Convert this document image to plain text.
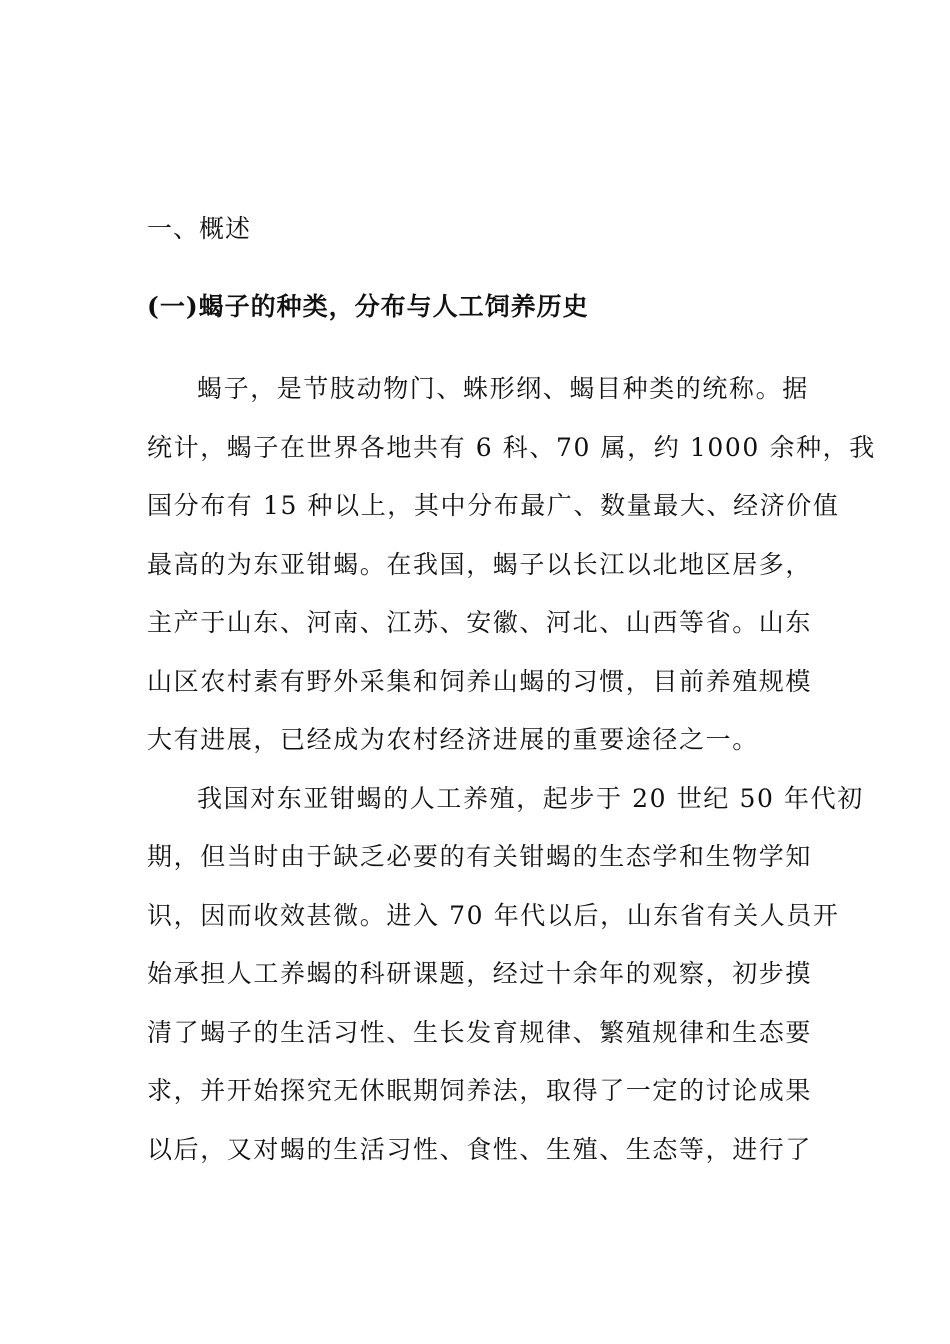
一、概述
(一)蝎子的种类，分布与人工饲养历史
蝎子，是节肢动物门、蛛形纲、蝎目种类的统称。据
统计，蝎子在世界各地共有 6 科、70 属，约 1000 余种，我
国分布有 15 种以上，其中分布最广、数量最大、经济价值
最高的为东亚钳蝎。在我国，蝎子以长江以北地区居多，
主产于山东、河南、江苏、安徽、河北、山西等省。山东
山区农村素有野外采集和饲养山蝎的习惯，目前养殖规模
大有进展，已经成为农村经济进展的重要途径之一。
我国对东亚钳蝎的人工养殖，起步于 20 世纪 50 年代初
期，但当时由于缺乏必要的有关钳蝎的生态学和生物学知
识，因而收效甚微。进入 70 年代以后，山东省有关人员开
始承担人工养蝎的科研课题，经过十余年的观察，初步摸
清了蝎子的生活习性、生长发育规律、繁殖规律和生态要
求，并开始探究无休眠期饲养法，取得了一定的讨论成果
以后，又对蝎的生活习性、食性、生殖、生态等，进行了
